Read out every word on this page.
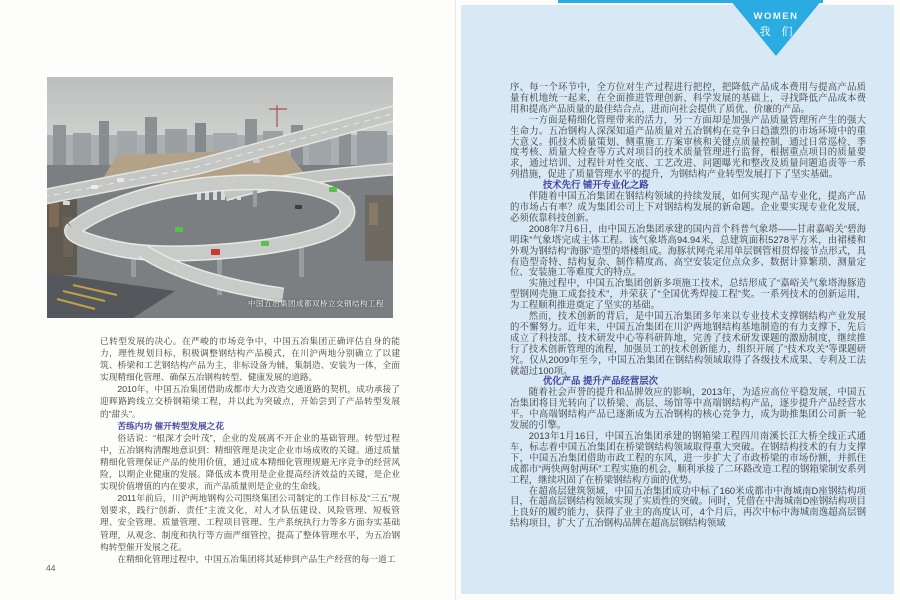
中国五冶集团成都双桥立交钢结构工程

已转型发展的决心。在严峻的市场竞争中，中国五冶集团正确评估自身的能力，理性规划目标，积极调整钢结构产品模式，在川沪两地分别确立了以建筑、桥梁和工艺钢结构产品为主，非标设备为辅，集制造、安装为一体，全面实现精细化管理、确保五冶钢构转型、健康发展的道路。

2010年，中国五冶集团借助成都市大力改造交通道路的契机，成功承接了迎晖路跨线立交桥钢箱梁工程，并以此为突破点，开始尝到了产品转型发展的“甜头”。

苦练内功 催开转型发展之花

俗话说：“根深才会叶茂”，企业的发展离不开企业的基础管理。转型过程中，五冶钢构清醒地意识到：精细管理是决定企业市场成败的关键。通过质量精细化管理保证产品的使用价值，通过成本精细化管理规避无序竞争的经营风险，以期企业健康的发展。降低成本费用是企业提高经济效益的关键，是企业实现价值增值的内在要求，而产品质量则是企业的生命线。

2011年前后，川沪两地钢构公司围绕集团公司制定的工作目标及“三五”规划要求，践行“创新、责任”主流文化，对人才队伍建设、风险管理、短板管理、安全管理、质量管理、工程项目管理、生产系统执行力等多方面夯实基础管理，从观念、制度和执行等方面严细管控，提高了整体管理水平，为五冶钢构转型催开发展之花。

在精细化管理过程中，中国五冶集团将其延伸到产品生产经营的每一道工

44
WOMEN
我 们

序、每一个环节中，全方位对生产过程进行把控，把降低产品成本费用与提高产品质量有机地统一起来，在全面推进管理创新、科学发展的基础上，寻找降低产品成本费用和提高产品质量的最佳结合点，进而向社会提供了质优、价廉的产品。

一方面是精细化管理带来的活力，另一方面却是加强产品质量管理所产生的强大生命力。五冶钢构人深深知道产品质量对五冶钢构在竞争日趋激烈的市场环境中的重大意义。抓技术质量策划、侧重施工方案审核和关键点质量控制，通过日常巡检、季度考核、质量大检查等方式对项目的技术质量管理进行监督，根据重点项目的质量要求，通过培训、过程针对性交底、工艺改进、问题曝光和整改及质量问题追责等一系列措施，促进了质量管理水平的提升，为钢结构产业转型发展打下了坚实基础。

技术先行 铺开专业化之路

伴随着中国五冶集团在钢结构领域的持续发展，如何实现产品专业化，提高产品的市场占有率？成为集团公司上下对钢结构发展的新命题。企业要实现专业化发展，必须依靠科技创新。

2008年7月6日，由中国五冶集团承建的国内首个科普气象塔——甘肃嘉峪关“碧海明珠”气象塔完成主体工程。该气象塔高94.94米，总建筑面积5278平方米，由裙楼和外观为钢结构“海豚”造型的塔楼组成。海豚状网壳采用单层钢管相贯焊接节点形式，具有造型奇特、结构复杂、制作精度高、高空安装定位点众多、数据计算繁琐、测量定位、安装施工等难度大的特点。

实施过程中，中国五冶集团创新多项施工技术，总结形成了“嘉峪关气象塔海豚造型钢网壳施工成套技术”，并荣获了“全国优秀焊接工程”奖。一系列技术的创新运用，为工程顺利推进奠定了坚实的基础。

然而，技术创新的背后，是中国五冶集团多年来以专业技术支撑钢结构产业发展的不懈努力。近年来，中国五冶集团在川沪两地钢结构基地制造的有力支撑下，先后成立了科技部、技术研发中心等科研阵地，完善了技术研发课题的激励制度，继续推行了技术创新管理的流程，加强员工的技术创新能力，组织开展了“技术攻关”等课题研究。仅从2009年至今，中国五冶集团在钢结构领域取得了各级技术成果、专利及工法就超过100项。

优化产品 提升产品经营层次

随着社会声誉的提升和品牌效应的影响，2013年，为适应高位平稳发展，中国五冶集团将目光转向了以桥梁、高层、场馆等中高端钢结构产品，逐步提升产品经营水平。中高端钢结构产品已逐渐成为五冶钢构的核心竞争力，成为助推集团公司新一轮发展的引擎。

2013年1月16日，中国五冶集团承建的钢箱梁工程四川南溪长江大桥全线正式通车，标志着中国五冶集团在桥梁钢结构领域取得重大突破。在钢结构技术的有力支撑下，中国五冶集团借助市政工程的东风，进一步扩大了市政桥梁的市场份额，并抓住成都市“两快两射两环”工程实施的机会，顺利承接了二环路改造工程的钢箱梁制安系列工程，继续巩固了在桥梁钢结构方面的优势。

在超高层建筑领域，中国五冶集团成功中标了160米成都市中海城南D座钢结构项目，在超高层钢结构领域实现了实质性的突破。同时，凭借在中海城南D座钢结构项目上良好的履约能力，获得了业主的高度认可，4个月后，再次中标中海城南逸超高层钢结构项目，扩大了五冶钢构品牌在超高层钢结构领域
